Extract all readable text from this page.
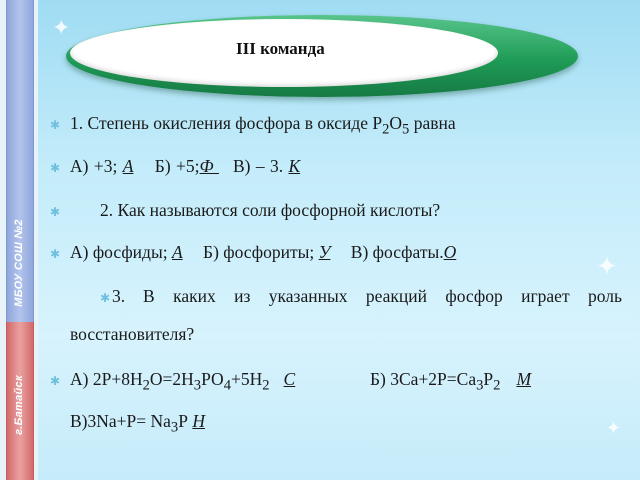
МБОУ СОШ №2
г.Батайск
✦
✦
✦
III команда
✱ 1. Степень окисления фосфора в оксиде $Р_2О_5$ равна
✱ А) +3; А Б) +5;Ф В) – 3. К
✱ 2. Как называются соли фосфорной кислоты?
✱ А) фосфиды; А Б) фосфориты; У В) фосфаты.О
✱ 3. В каких из указанных реакций фосфор играет роль
восстановителя?
✱ А) $2Р+8Н_2О=2Н_3РО_4+5Н_2$ С	Б) $3Са+2Р=Са_3Р_2$ М
$В)3Na+Р= Na_3Р$ Н
